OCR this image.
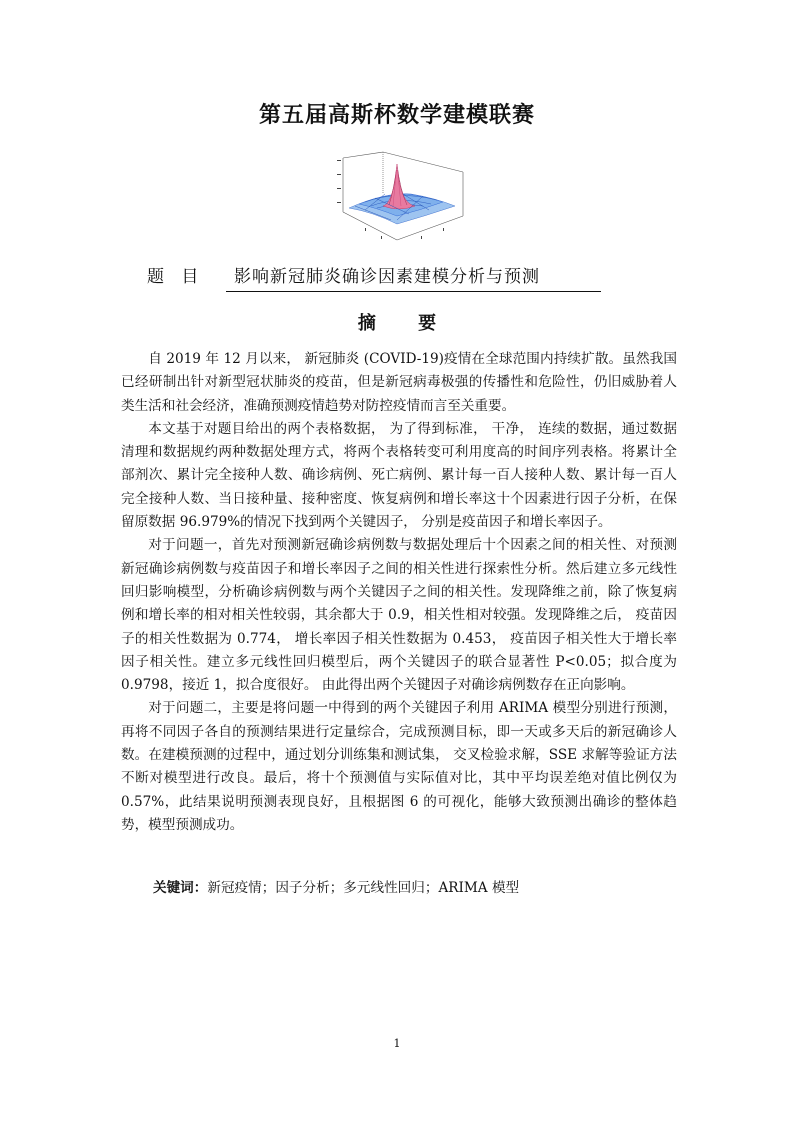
第五届高斯杯数学建模联赛
题 目 影响新冠肺炎确诊因素建模分析与预测
摘 要

自 2019 年 12 月以来， 新冠肺炎 (COVID-19)疫情在全球范围内持续扩散。虽然我国已经研制出针对新型冠状肺炎的疫苗，但是新冠病毒极强的传播性和危险性，仍旧威胁着人类生活和社会经济，准确预测疫情趋势对防控疫情而言至关重要。

本文基于对题目给出的两个表格数据， 为了得到标准， 干净， 连续的数据，通过数据清理和数据规约两种数据处理方式，将两个表格转变可利用度高的时间序列表格。将累计全部剂次、累计完全接种人数、确诊病例、死亡病例、累计每一百人接种人数、累计每一百人完全接种人数、当日接种量、接种密度、恢复病例和增长率这十个因素进行因子分析，在保留原数据 96.979%的情况下找到两个关键因子， 分别是疫苗因子和增长率因子。

对于问题一，首先对预测新冠确诊病例数与数据处理后十个因素之间的相关性、对预测新冠确诊病例数与疫苗因子和增长率因子之间的相关性进行探索性分析。然后建立多元线性回归影响模型，分析确诊病例数与两个关键因子之间的相关性。发现降维之前，除了恢复病例和增长率的相对相关性较弱，其余都大于 0.9，相关性相对较强。发现降维之后， 疫苗因子的相关性数据为 0.774， 增长率因子相关性数据为 0.453， 疫苗因子相关性大于增长率因子相关性。建立多元线性回归模型后，两个关键因子的联合显著性 P<0.05；拟合度为 0.9798，接近 1，拟合度很好。 由此得出两个关键因子对确诊病例数存在正向影响。

对于问题二，主要是将问题一中得到的两个关键因子利用 ARIMA 模型分别进行预测，再将不同因子各自的预测结果进行定量综合，完成预测目标，即一天或多天后的新冠确诊人数。在建模预测的过程中，通过划分训练集和测试集， 交叉检验求解，SSE 求解等验证方法不断对模型进行改良。最后，将十个预测值与实际值对比，其中平均误差绝对值比例仅为 0.57%，此结果说明预测表现良好，且根据图 6 的可视化，能够大致预测出确诊的整体趋势，模型预测成功。

关键词：新冠疫情；因子分析；多元线性回归；ARIMA 模型
1
